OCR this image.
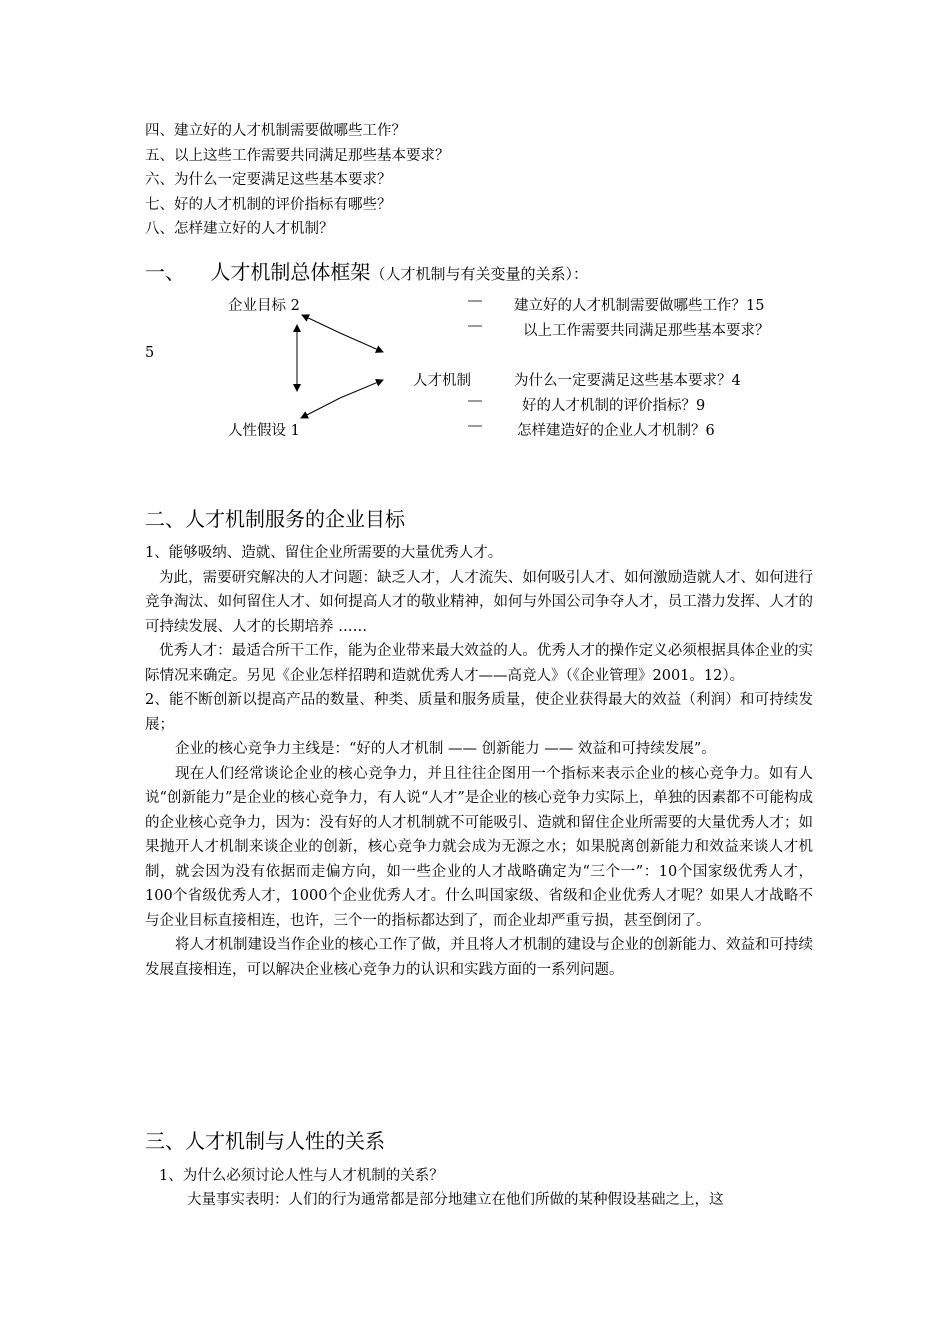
四、建立好的人才机制需要做哪些工作？
五、以上这些工作需要共同满足那些基本要求？
六、为什么一定要满足这些基本要求？
七、好的人才机制的评价指标有哪些？
八、怎样建立好的人才机制？
一、    人才机制总体框架（人才机制与有关变量的关系）：
企业目标 2
人性假设 1
5
人才机制
建立好的人才机制需要做哪些工作？15
以上工作需要共同满足那些基本要求？
为什么一定要满足这些基本要求？4
好的人才机制的评价指标？9
怎样建造好的企业人才机制？6
二、人才机制服务的企业目标

1、能够吸纳、造就、留住企业所需要的大量优秀人才。

为此，需要研究解决的人才问题：缺乏人才，人才流失、如何吸引人才、如何激励造就人才、如何进行竞争淘汰、如何留住人才、如何提高人才的敬业精神，如何与外国公司争夺人才，员工潜力发挥、人才的可持续发展、人才的长期培养 ……

优秀人才：最适合所干工作，能为企业带来最大效益的人。优秀人才的操作定义必须根据具体企业的实际情况来确定。另见《企业怎样招聘和造就优秀人才——高竞人》（《企业管理》2001。12）。

2、能不断创新以提高产品的数量、种类、质量和服务质量，使企业获得最大的效益（利润）和可持续发展；

企业的核心竞争力主线是：“好的人才机制 —— 创新能力 —— 效益和可持续发展”。

现在人们经常谈论企业的核心竞争力，并且往往企图用一个指标来表示企业的核心竞争力。如有人说“创新能力”是企业的核心竞争力，有人说“人才”是企业的核心竞争力实际上，单独的因素都不可能构成的企业核心竞争力，因为：没有好的人才机制就不可能吸引、造就和留住企业所需要的大量优秀人才；如果抛开人才机制来谈企业的创新，核心竞争力就会成为无源之水；如果脱离创新能力和效益来谈人才机制，就会因为没有依据而走偏方向，如一些企业的人才战略确定为“三个一”：10个国家级优秀人才，100个省级优秀人才，1000个企业优秀人才。什么叫国家级、省级和企业优秀人才呢？如果人才战略不与企业目标直接相连，也许，三个一的指标都达到了，而企业却严重亏损，甚至倒闭了。

将人才机制建设当作企业的核心工作了做，并且将人才机制的建设与企业的创新能力、效益和可持续发展直接相连，可以解决企业核心竞争力的认识和实践方面的一系列问题。

三、人才机制与人性的关系
1、为什么必须讨论人性与人才机制的关系？
大量事实表明：人们的行为通常都是部分地建立在他们所做的某种假设基础之上，这
